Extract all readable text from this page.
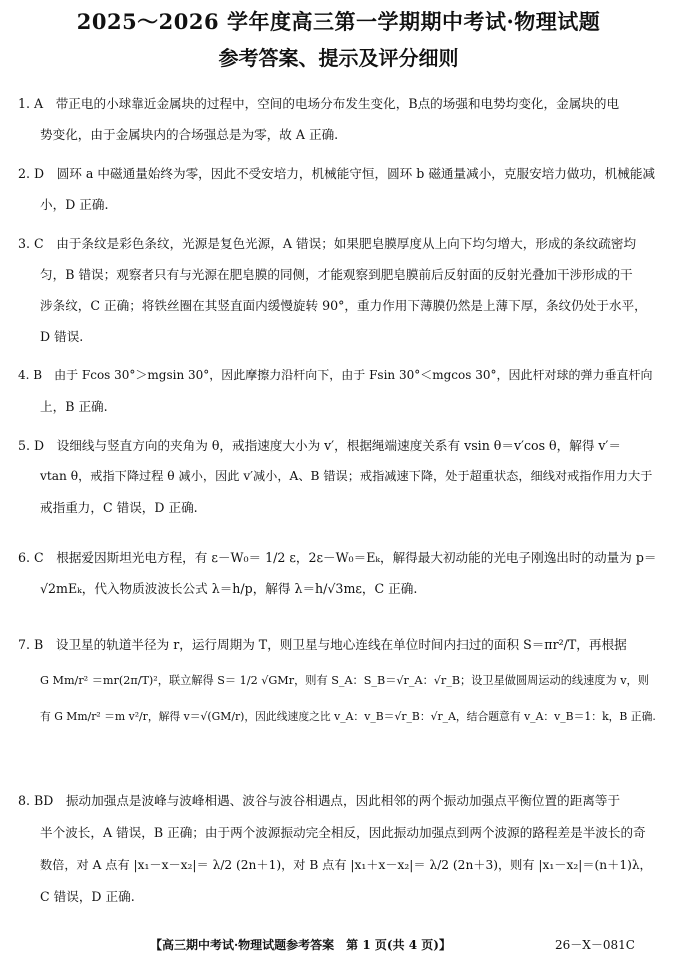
2025～2026 学年度高三第一学期期中考试·物理试题
参考答案、提示及评分细则
1. A　带正电的小球靠近金属块的过程中，空间的电场分布发生变化，B点的场强和电势均变化，金属块的电
势变化，由于金属块内的合场强总是为零，故 A 正确.
2. D　圆环 a 中磁通量始终为零，因此不受安培力，机械能守恒，圆环 b 磁通量减小，克服安培力做功，机械能减
小，D 正确.
3. C　由于条纹是彩色条纹，光源是复色光源，A 错误；如果肥皂膜厚度从上向下均匀增大，形成的条纹疏密均
匀，B 错误；观察者只有与光源在肥皂膜的同侧，才能观察到肥皂膜前后反射面的反射光叠加干涉形成的干
涉条纹，C 正确；将铁丝圈在其竖直面内缓慢旋转 90°，重力作用下薄膜仍然是上薄下厚，条纹仍处于水平，
D 错误.
4. B　由于 Fcos 30°＞mgsin 30°，因此摩擦力沿杆向下，由于 Fsin 30°＜mgcos 30°，因此杆对球的弹力垂直杆向
上，B 正确.
5. D　设细线与竖直方向的夹角为 θ，戒指速度大小为 v′，根据绳端速度关系有 vsin θ＝v′cos θ，解得 v′＝
vtan θ，戒指下降过程 θ 减小，因此 v′减小，A、B 错误；戒指减速下降，处于超重状态，细线对戒指作用力大于
戒指重力，C 错误，D 正确.
6. C　根据爱因斯坦光电方程，有 ε－W₀＝ 1/2 ε，2ε－W₀＝Eₖ，解得最大初动能的光电子刚逸出时的动量为 p＝
√2mEₖ，代入物质波波长公式 λ＝h/p，解得 λ＝h/√3mε，C 正确.
7. B　设卫星的轨道半径为 r，运行周期为 T，则卫星与地心连线在单位时间内扫过的面积 S＝πr²/T，再根据
G Mm/r² ＝mr(2π/T)²，联立解得 S＝ 1/2 √GMr，则有 S_A：S_B＝√r_A：√r_B；设卫星做圆周运动的线速度为 v，则
有 G Mm/r² ＝m v²/r，解得 v＝√(GM/r)，因此线速度之比 v_A：v_B＝√r_B：√r_A，结合题意有 v_A：v_B＝1：k，B 正确.
8. BD　振动加强点是波峰与波峰相遇、波谷与波谷相遇点，因此相邻的两个振动加强点平衡位置的距离等于
半个波长，A 错误，B 正确；由于两个波源振动完全相反，因此振动加强点到两个波源的路程差是半波长的奇
数倍，对 A 点有 |x₁－x－x₂|＝ λ/2 (2n＋1)，对 B 点有 |x₁＋x－x₂|＝ λ/2 (2n＋3)，则有 |x₁－x₂|＝(n＋1)λ，
C 错误，D 正确.
【高三期中考试·物理试题参考答案　第 1 页(共 4 页)】	26－X－081C
